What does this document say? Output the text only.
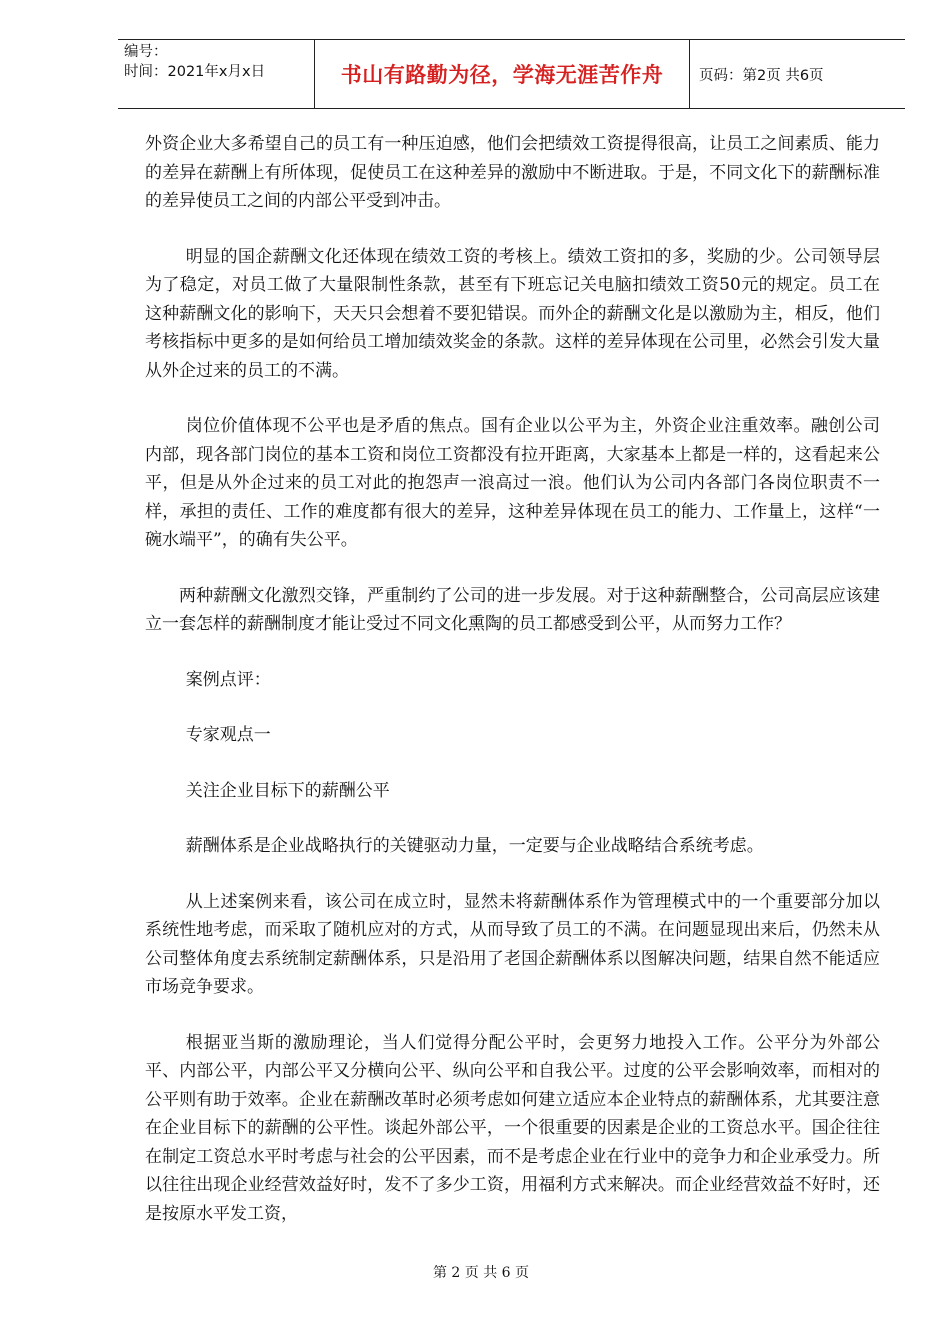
编号：
时间：2021年x月x日	书山有路勤为径，学海无涯苦作舟	页码：第2页 共6页

外资企业大多希望自己的员工有一种压迫感，他们会把绩效工资提得很高，让员工之间素质、能力的差异在薪酬上有所体现，促使员工在这种差异的激励中不断进取。于是，不同文化下的薪酬标准的差异使员工之间的内部公平受到冲击。

明显的国企薪酬文化还体现在绩效工资的考核上。绩效工资扣的多，奖励的少。公司领导层为了稳定，对员工做了大量限制性条款，甚至有下班忘记关电脑扣绩效工资50元的规定。员工在这种薪酬文化的影响下，天天只会想着不要犯错误。而外企的薪酬文化是以激励为主，相反，他们考核指标中更多的是如何给员工增加绩效奖金的条款。这样的差异体现在公司里，必然会引发大量从外企过来的员工的不满。

岗位价值体现不公平也是矛盾的焦点。国有企业以公平为主，外资企业注重效率。融创公司内部，现各部门岗位的基本工资和岗位工资都没有拉开距离，大家基本上都是一样的，这看起来公平，但是从外企过来的员工对此的抱怨声一浪高过一浪。他们认为公司内各部门各岗位职责不一样，承担的责任、工作的难度都有很大的差异，这种差异体现在员工的能力、工作量上，这样“一碗水端平”，的确有失公平。

两种薪酬文化激烈交锋，严重制约了公司的进一步发展。对于这种薪酬整合，公司高层应该建立一套怎样的薪酬制度才能让受过不同文化熏陶的员工都感受到公平，从而努力工作？

案例点评：

专家观点一

关注企业目标下的薪酬公平

薪酬体系是企业战略执行的关键驱动力量，一定要与企业战略结合系统考虑。

从上述案例来看，该公司在成立时，显然未将薪酬体系作为管理模式中的一个重要部分加以系统性地考虑，而采取了随机应对的方式，从而导致了员工的不满。在问题显现出来后，仍然未从公司整体角度去系统制定薪酬体系，只是沿用了老国企薪酬体系以图解决问题，结果自然不能适应市场竞争要求。

根据亚当斯的激励理论，当人们觉得分配公平时，会更努力地投入工作。公平分为外部公平、内部公平，内部公平又分横向公平、纵向公平和自我公平。过度的公平会影响效率，而相对的公平则有助于效率。企业在薪酬改革时必须考虑如何建立适应本企业特点的薪酬体系，尤其要注意在企业目标下的薪酬的公平性。谈起外部公平，一个很重要的因素是企业的工资总水平。国企往往在制定工资总水平时考虑与社会的公平因素，而不是考虑企业在行业中的竞争力和企业承受力。所以往往出现企业经营效益好时，发不了多少工资，用福利方式来解决。而企业经营效益不好时，还是按原水平发工资，

第 2 页 共 6 页
